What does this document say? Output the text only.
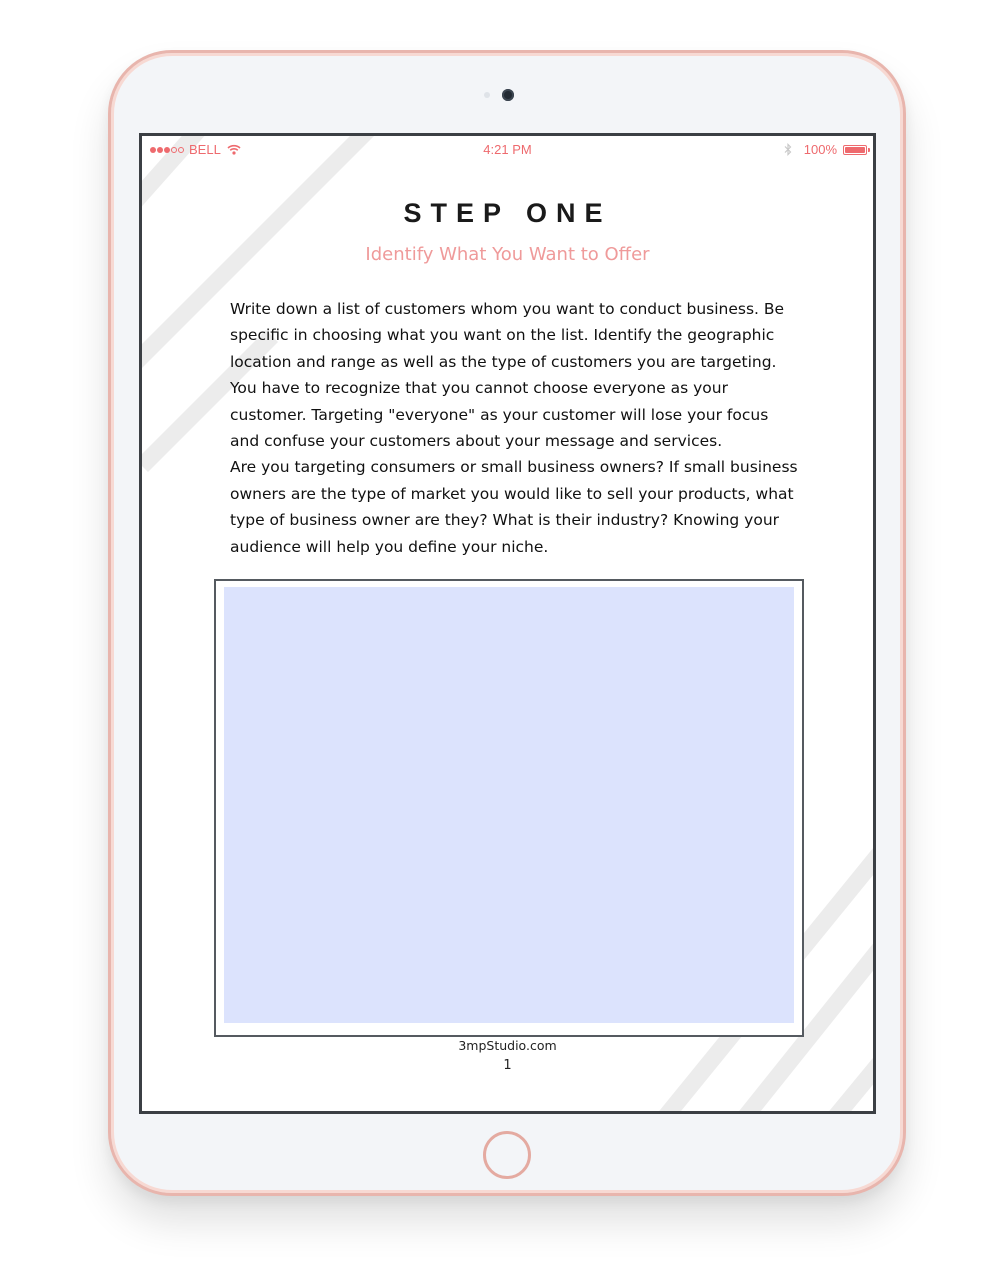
BELL	4:21 PM	100%
STEP ONE
Identify What You Want to Offer

Write down a list of customers whom you want to conduct business. Be specific in choosing what you want on the list. Identify the geographic location and range as well as the type of customers you are targeting. You have to recognize that you cannot choose everyone as your customer. Targeting "everyone" as your customer will lose your focus and confuse your customers about your message and services.

Are you targeting consumers or small business owners? If small business owners are the type of market you would like to sell your products, what type of business owner are they? What is their industry? Knowing your audience will help you define your niche.

3mpStudio.com
1
